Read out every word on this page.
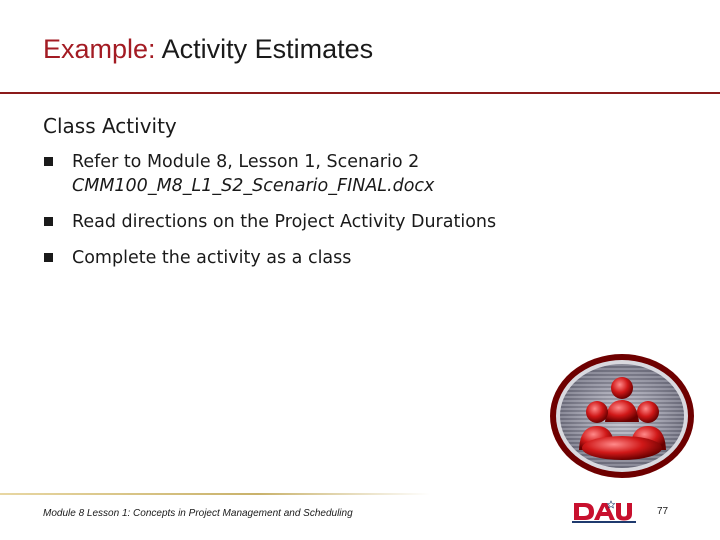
Example: Activity Estimates
Class Activity
Refer to Module 8, Lesson 1, Scenario 2
CMM100_M8_L1_S2_Scenario_FINAL.docx
Read directions on the Project Activity Durations
Complete the activity as a class
Module 8 Lesson 1: Concepts in Project Management and Scheduling	77
